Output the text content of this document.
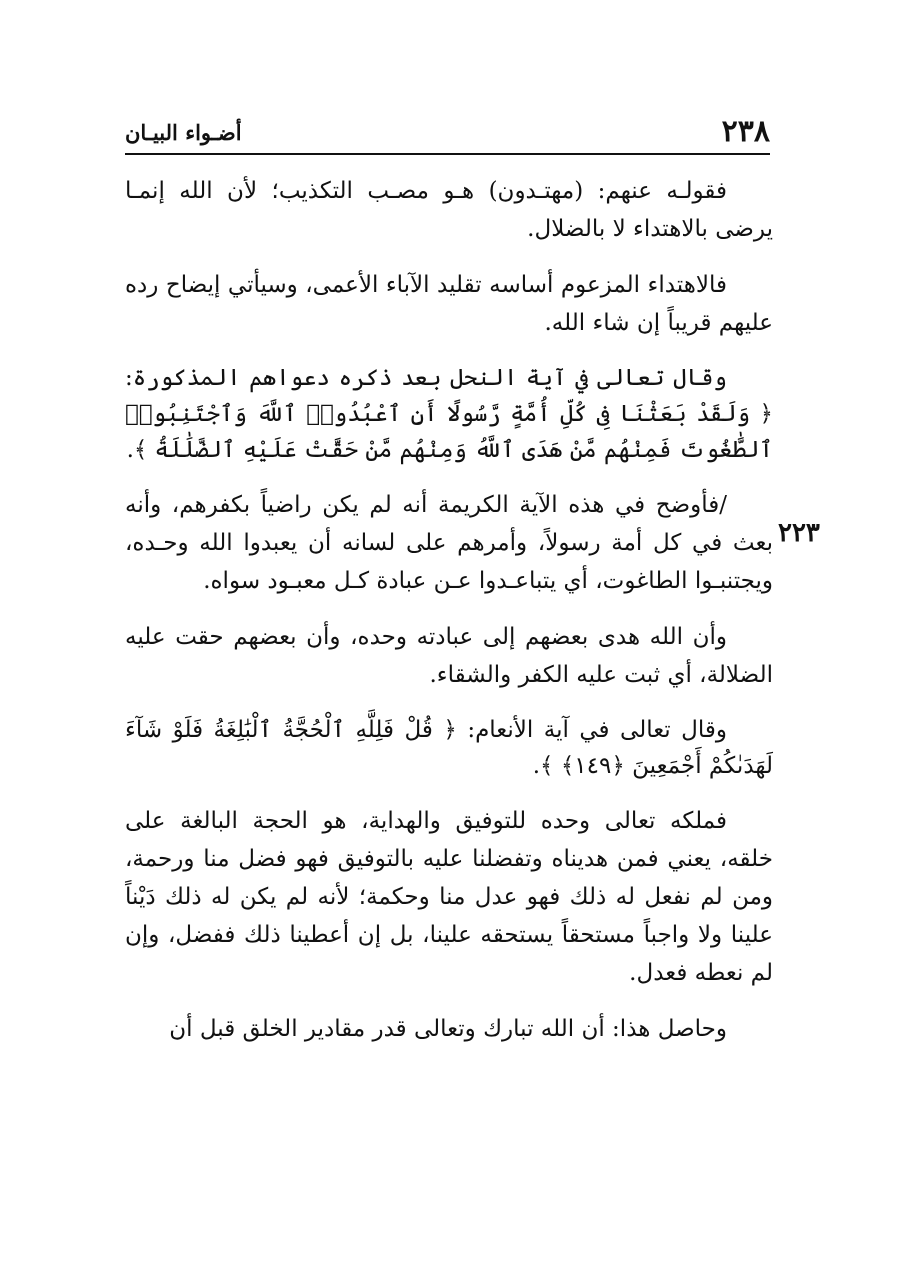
٢٣٨
أضـواء البيـان
٢٢٣

فقولـه عنهم: (مهتـدون) هـو مصـب التكذيب؛ لأن الله إنمـا يرضى بالاهتداء لا بالضلال.

فالاهتداء المزعوم أساسه تقليد الآباء الأعمى، وسيأتي إيضاح رده عليهم قريباً إن شاء الله.

وقال تعالى في آية النحل بعد ذكره دعواهم المذكورة: ﴿ وَلَقَدْ بَعَثْنَا فِى كُلِّ أُمَّةٍ رَّسُولًا أَنِ ٱعْبُدُوا۟ ٱللَّهَ وَٱجْتَنِبُوا۟ ٱلطَّٰغُوتَ فَمِنْهُم مَّنْ هَدَى ٱللَّهُ وَمِنْهُم مَّنْ حَقَّتْ عَلَيْهِ ٱلضَّلَٰلَةُ ﴾.

/فأوضح في هذه الآية الكريمة أنه لم يكن راضياً بكفرهم، وأنه بعث في كل أمة رسولاً، وأمرهم على لسانه أن يعبدوا الله وحـده، ويجتنبـوا الطاغوت، أي يتباعـدوا عـن عبادة كـل معبـود سواه.

وأن الله هدى بعضهم إلى عبادته وحده، وأن بعضهم حقت عليه الضلالة، أي ثبت عليه الكفر والشقاء.

وقال تعالى في آية الأنعام: ﴿ قُلْ فَلِلَّهِ ٱلْحُجَّةُ ٱلْبَٰلِغَةُ فَلَوْ شَآءَ لَهَدَىٰكُمْ أَجْمَعِينَ ﴿١٤٩﴾ ﴾.

فملكه تعالى وحده للتوفيق والهداية، هو الحجة البالغة على خلقه، يعني فمن هديناه وتفضلنا عليه بالتوفيق فهو فضل منا ورحمة، ومن لم نفعل له ذلك فهو عدل منا وحكمة؛ لأنه لم يكن له ذلك دَيْناً علينا ولا واجباً مستحقاً يستحقه علينا، بل إن أعطينا ذلك ففضل، وإن لم نعطه فعدل.

وحاصل هذا: أن الله تبارك وتعالى قدر مقادير الخلق قبل أن
